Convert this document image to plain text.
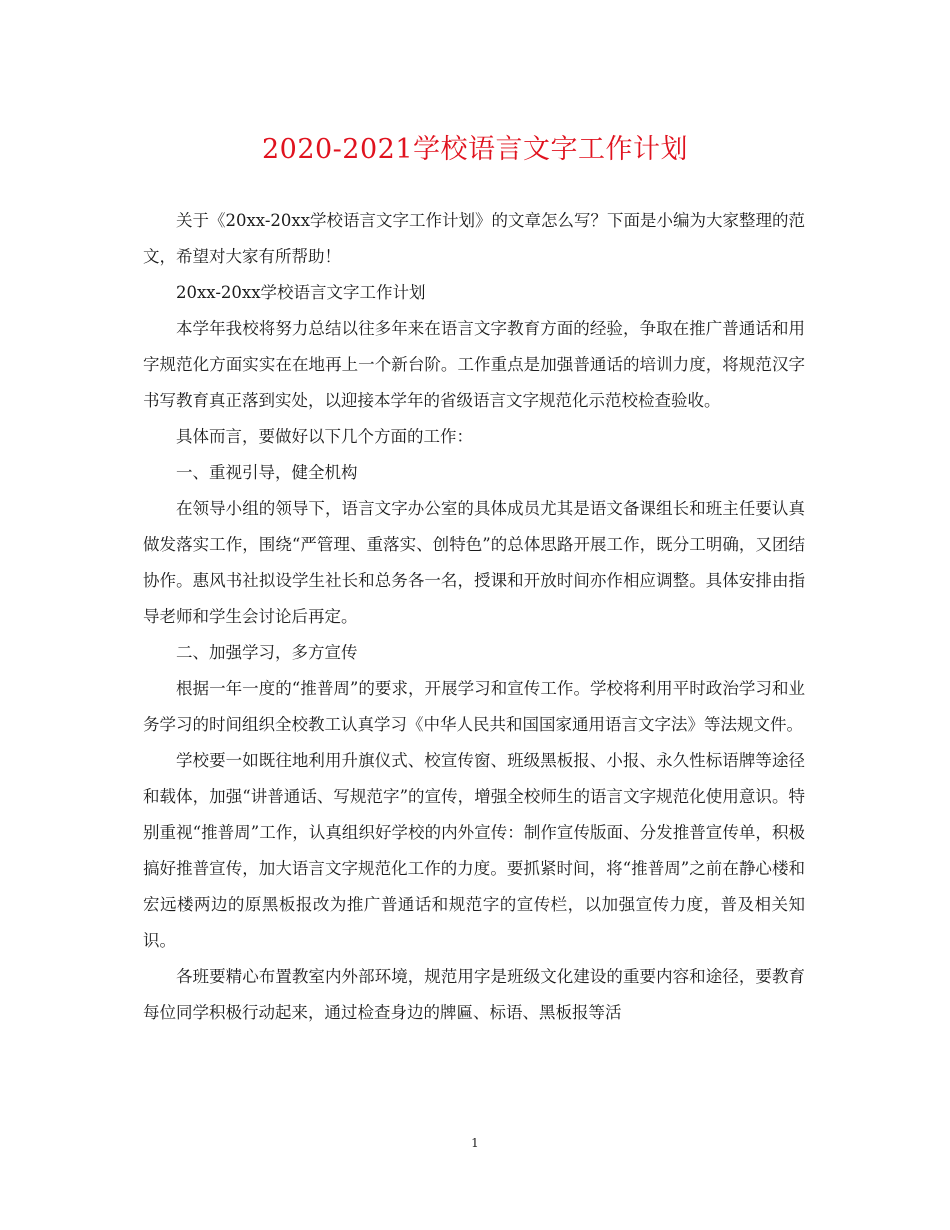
2020-2021学校语言文字工作计划

关于《20xx-20xx学校语言文字工作计划》的文章怎么写？下面是小编为大家整理的范文，希望对大家有所帮助！

20xx-20xx学校语言文字工作计划

本学年我校将努力总结以往多年来在语言文字教育方面的经验，争取在推广普通话和用字规范化方面实实在在地再上一个新台阶。工作重点是加强普通话的培训力度，将规范汉字书写教育真正落到实处，以迎接本学年的省级语言文字规范化示范校检查验收。

具体而言，要做好以下几个方面的工作：

一、重视引导，健全机构

在领导小组的领导下，语言文字办公室的具体成员尤其是语文备课组长和班主任要认真做发落实工作，围绕“严管理、重落实、创特色”的总体思路开展工作，既分工明确，又团结协作。惠风书社拟设学生社长和总务各一名，授课和开放时间亦作相应调整。具体安排由指导老师和学生会讨论后再定。

二、加强学习，多方宣传

根据一年一度的“推普周”的要求，开展学习和宣传工作。学校将利用平时政治学习和业务学习的时间组织全校教工认真学习《中华人民共和国国家通用语言文字法》等法规文件。

学校要一如既往地利用升旗仪式、校宣传窗、班级黑板报、小报、永久性标语牌等途径和载体，加强“讲普通话、写规范字”的宣传，增强全校师生的语言文字规范化使用意识。特别重视“推普周”工作，认真组织好学校的内外宣传：制作宣传版面、分发推普宣传单，积极搞好推普宣传，加大语言文字规范化工作的力度。要抓紧时间，将“推普周”之前在静心楼和宏远楼两边的原黑板报改为推广普通话和规范字的宣传栏，以加强宣传力度，普及相关知识。

各班要精心布置教室内外部环境，规范用字是班级文化建设的重要内容和途径，要教育每位同学积极行动起来，通过检查身边的牌匾、标语、黑板报等活

1
